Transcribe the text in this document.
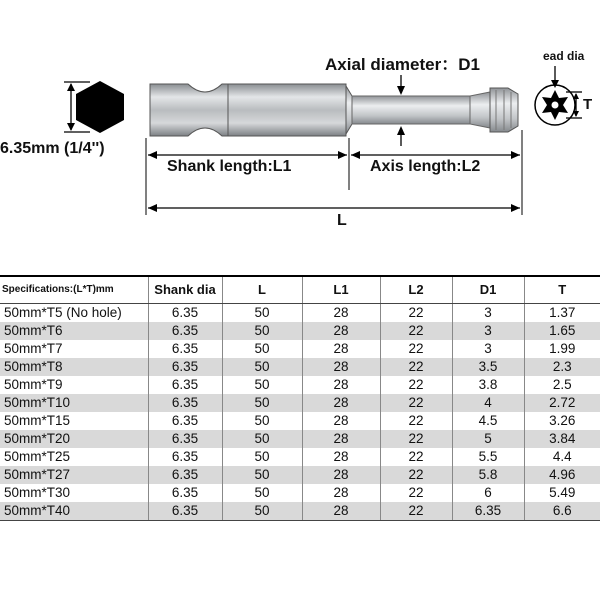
6.35mm (1/4'')
Axial diameter：D1	ead dia
T
Shank length:L1	Axis length:L2
L
Specifications:(L*T)mm	Shank dia	L	L1	L2	D1	T
50mm*T5 (No hole)	6.35	50	28	22	3	1.37
50mm*T6	6.35	50	28	22	3	1.65
50mm*T7	6.35	50	28	22	3	1.99
50mm*T8	6.35	50	28	22	3.5	2.3
50mm*T9	6.35	50	28	22	3.8	2.5
50mm*T10	6.35	50	28	22	4	2.72
50mm*T15	6.35	50	28	22	4.5	3.26
50mm*T20	6.35	50	28	22	5	3.84
50mm*T25	6.35	50	28	22	5.5	4.4
50mm*T27	6.35	50	28	22	5.8	4.96
50mm*T30	6.35	50	28	22	6	5.49
50mm*T40	6.35	50	28	22	6.35	6.6
